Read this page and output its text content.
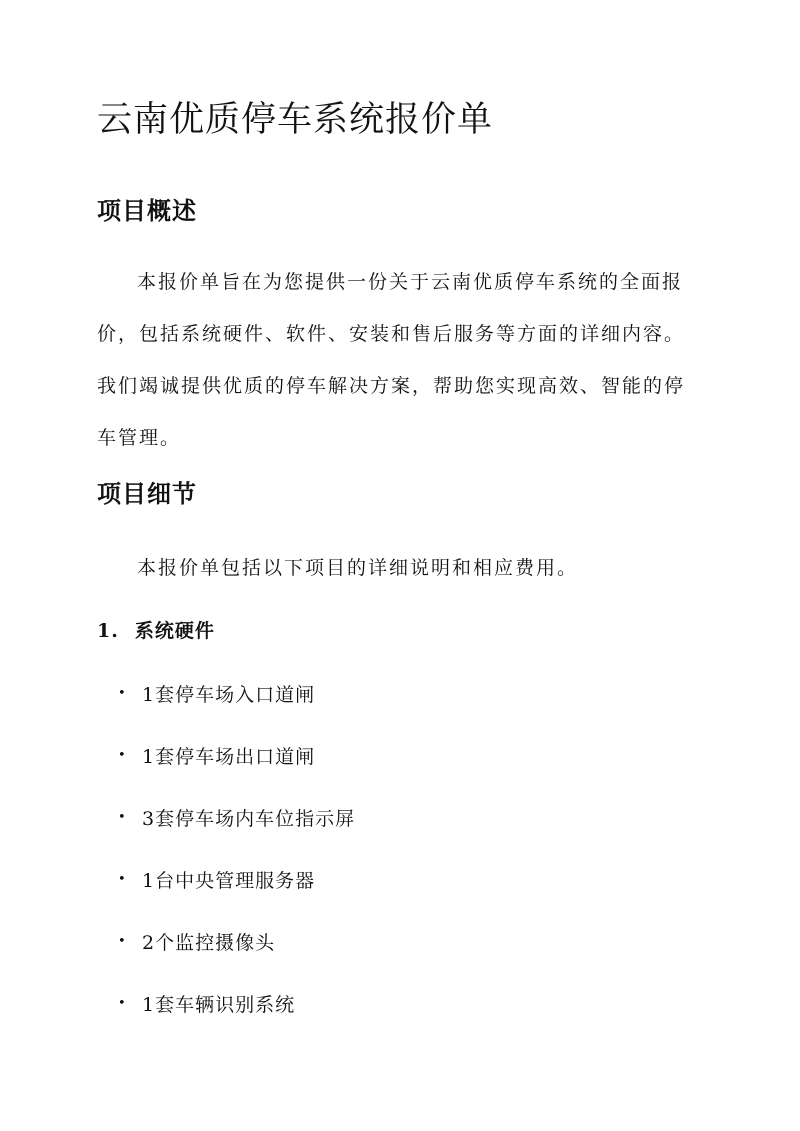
云南优质停车系统报价单
项目概述

本报价单旨在为您提供一份关于云南优质停车系统的全面报价，包括系统硬件、软件、安装和售后服务等方面的详细内容。我们竭诚提供优质的停车解决方案，帮助您实现高效、智能的停车管理。

项目细节

本报价单包括以下项目的详细说明和相应费用。

1. 系统硬件
• 1套停车场入口道闸
• 1套停车场出口道闸
• 3套停车场内车位指示屏
• 1台中央管理服务器
• 2个监控摄像头
• 1套车辆识别系统
